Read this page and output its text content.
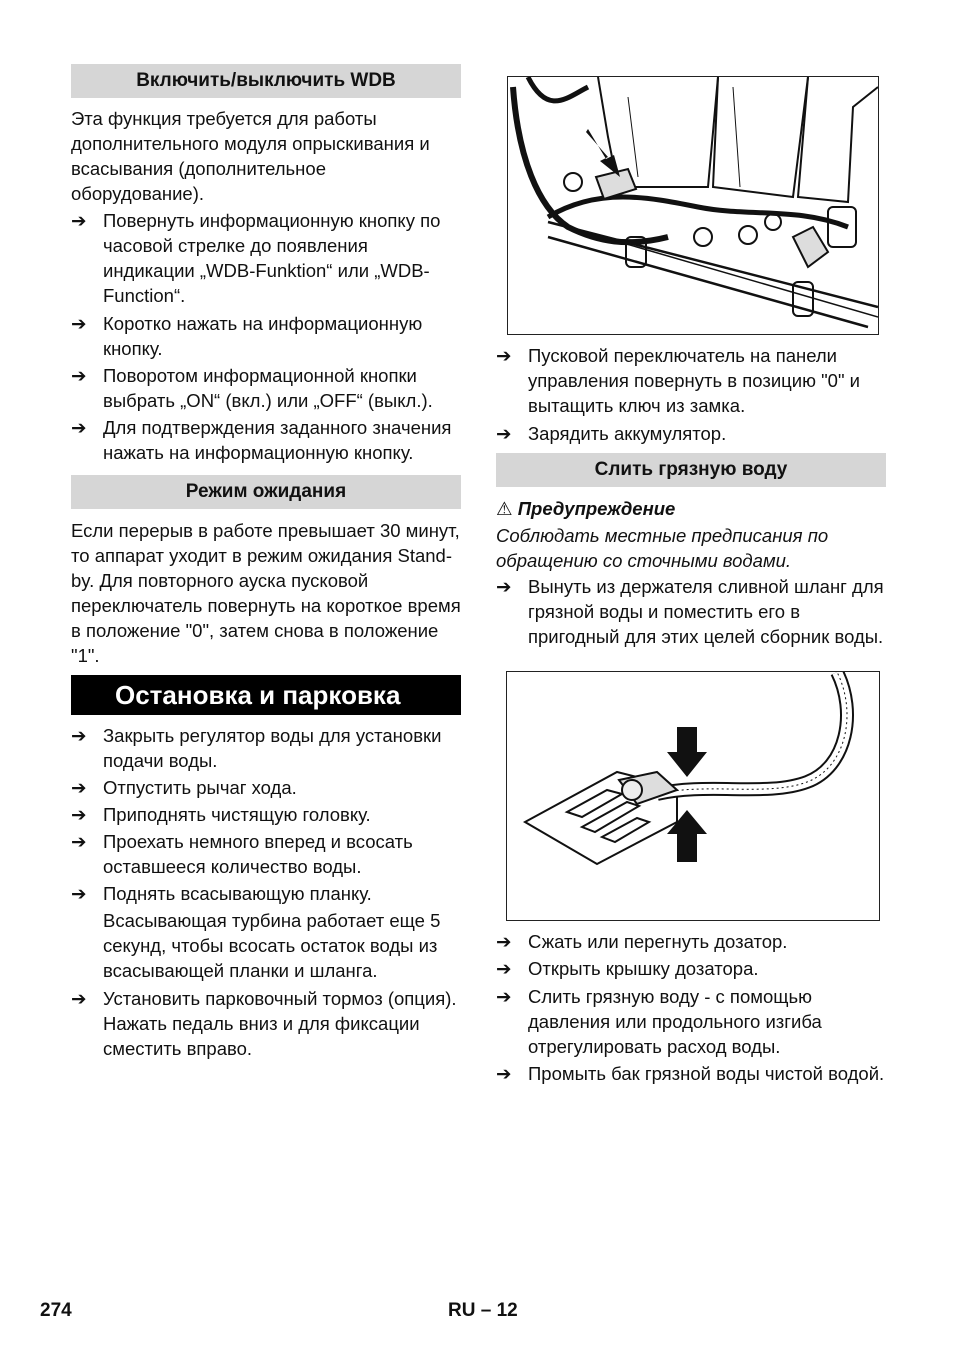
Включить/выключить WDB

Эта функция требуется для работы дополнительного модуля опрыскивания и всасывания (дополнительное оборудование).

➔ Повернуть информационную кнопку по часовой стрелке до появления индикации „WDB-Funktion“ или „WDB-Function“.
➔ Коротко нажать на информационную кнопку.
➔ Поворотом информационной кнопки выбрать „ON“ (вкл.) или „OFF“ (выкл.).
➔ Для подтверждения заданного значения нажать на информационную кнопку.
Режим ожидания

Если перерыв в работе превышает 30 минут, то аппарат уходит в режим ожидания Stand-by. Для повторного ауска пусковой переключатель повернуть на короткое время в положение "0", затем снова в положение "1".

Остановка и парковка
➔ Закрыть регулятор воды для установки подачи воды.
➔ Отпустить рычаг хода.
➔ Приподнять чистящую головку.
➔ Проехать немного вперед и всосать оставшееся количество воды.
➔ Поднять всасывающую планку.

Всасывающая турбина работает еще 5 секунд, чтобы всосать остаток воды из всасывающей планки и шланга.

➔ Установить парковочный тормоз (опция). Нажать педаль вниз и для фиксации сместить вправо.
➔ Пусковой переключатель на панели управления повернуть в позицию "0" и вытащить ключ из замка.
➔ Зарядить аккумулятор.
Слить грязную воду

⚠ Предупреждение

Соблюдать местные предписания по обращению со сточными водами.

➔ Вынуть из держателя сливной шланг для грязной воды и поместить его в пригодный для этих целей сборник воды.
➔ Сжать или перегнуть дозатор.
➔ Открыть крышку дозатора.
➔ Слить грязную воду - с помощью давления или продольного изгиба отрегулировать расход воды.
➔ Промыть бак грязной воды чистой водой.
274	RU – 12
